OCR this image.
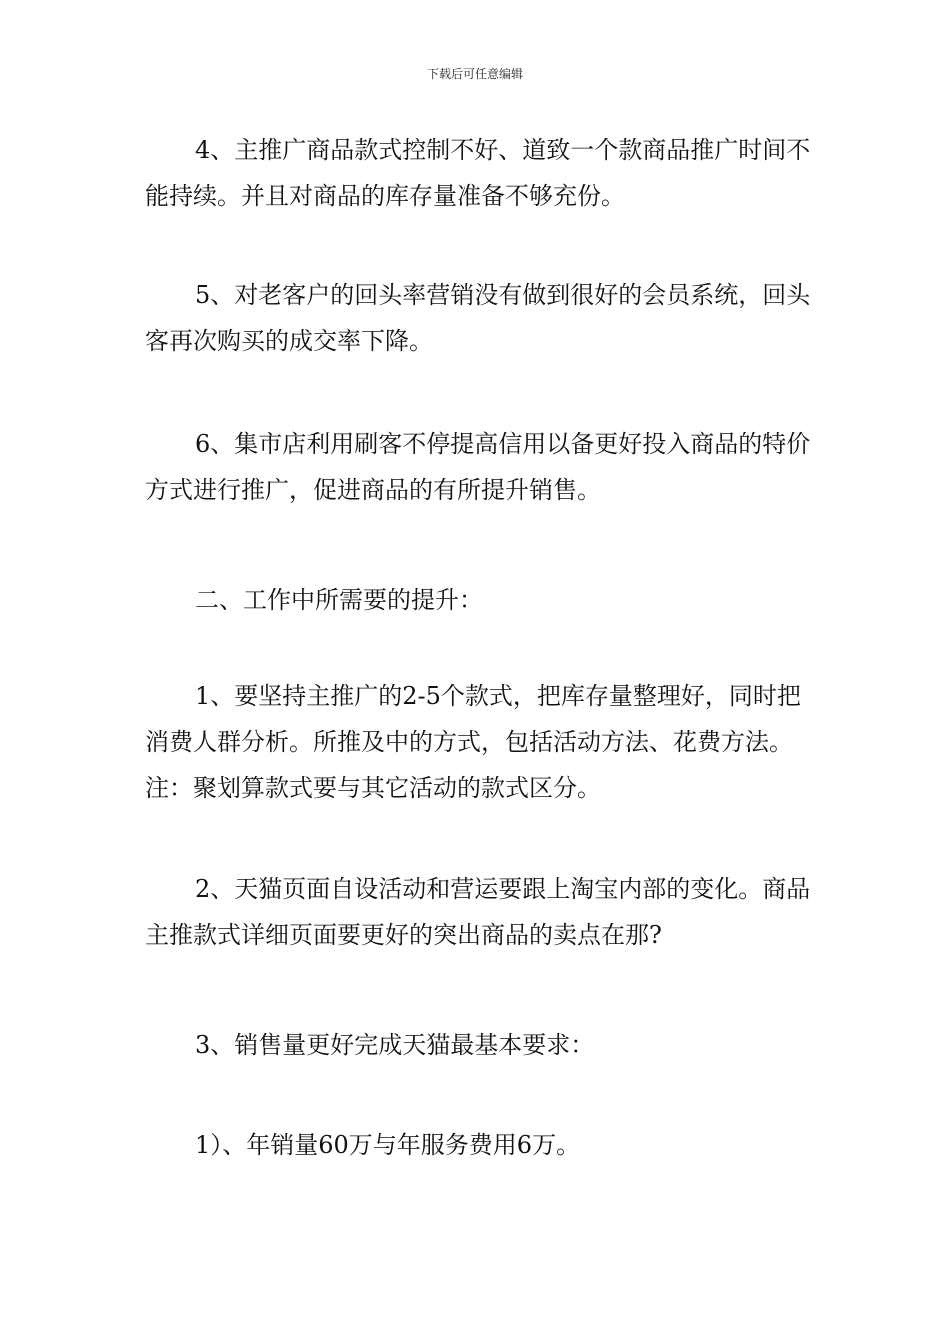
下载后可任意编辑

4、主推广商品款式控制不好、道致一个款商品推广时间不能持续。并且对商品的库存量准备不够充份。

5、对老客户的回头率营销没有做到很好的会员系统，回头客再次购买的成交率下降。

6、集市店利用刷客不停提高信用以备更好投入商品的特价方式进行推广，促进商品的有所提升销售。

二、工作中所需要的提升：

1、要坚持主推广的2-5个款式，把库存量整理好，同时把消费人群分析。所推及中的方式，包括活动方法、花费方法。注：聚划算款式要与其它活动的款式区分。

2、天猫页面自设活动和营运要跟上淘宝内部的变化。商品主推款式详细页面要更好的突出商品的卖点在那?

3、销售量更好完成天猫最基本要求：

1）、年销量60万与年服务费用6万。
